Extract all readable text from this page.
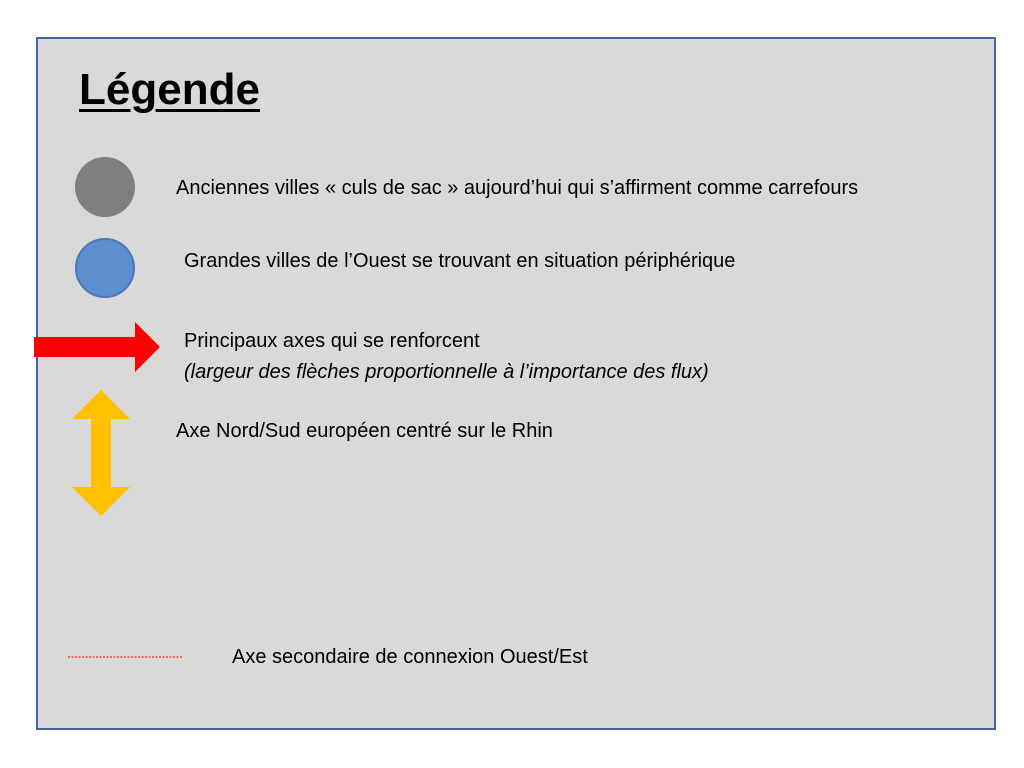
Légende

Anciennes villes « culs de sac » aujourd’hui qui s’affirment comme carrefours

Grandes villes de l’Ouest se trouvant en situation périphérique

Principaux axes qui se renforcent

(largeur des flèches proportionnelle à l’importance des flux)

Axe Nord/Sud européen centré sur le Rhin

Axe secondaire de connexion Ouest/Est
